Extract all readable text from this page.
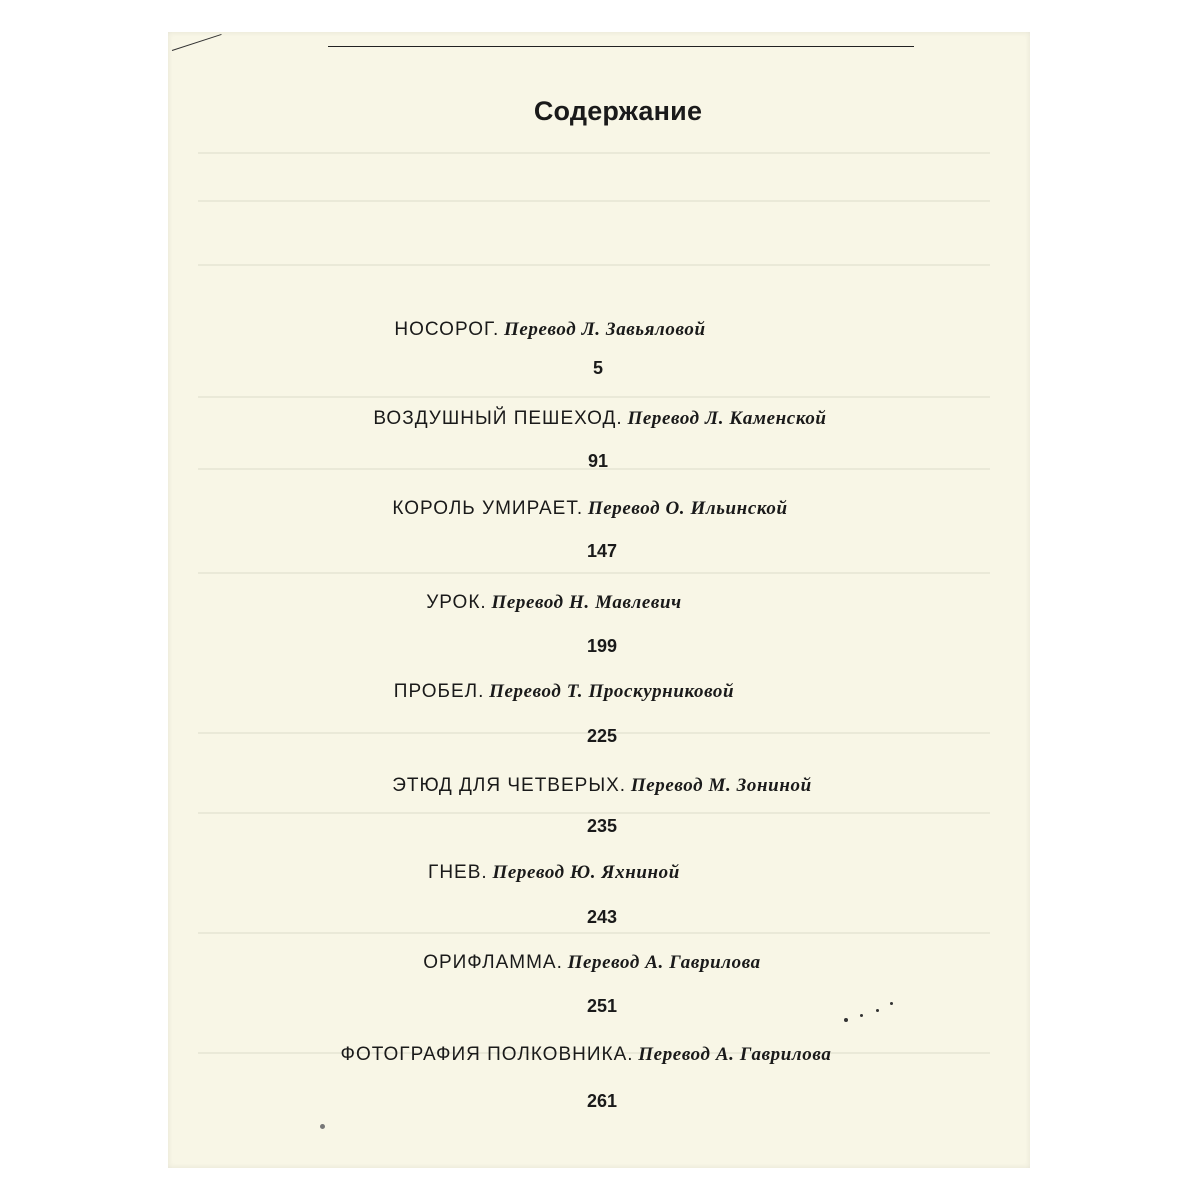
Содержание
НОСОРОГ. Перевод Л. Завьяловой
5
ВОЗДУШНЫЙ ПЕШЕХОД. Перевод Л. Каменской
91
КОРОЛЬ УМИРАЕТ. Перевод О. Ильинской
147
УРОК. Перевод Н. Мавлевич
199
ПРОБЕЛ. Перевод Т. Проскурниковой
225
ЭТЮД ДЛЯ ЧЕТВЕРЫХ. Перевод М. Зониной
235
ГНЕВ. Перевод Ю. Яхниной
243
ОРИФЛАММА. Перевод А. Гаврилова
251
ФОТОГРАФИЯ ПОЛКОВНИКА. Перевод А. Гаврилова
261
